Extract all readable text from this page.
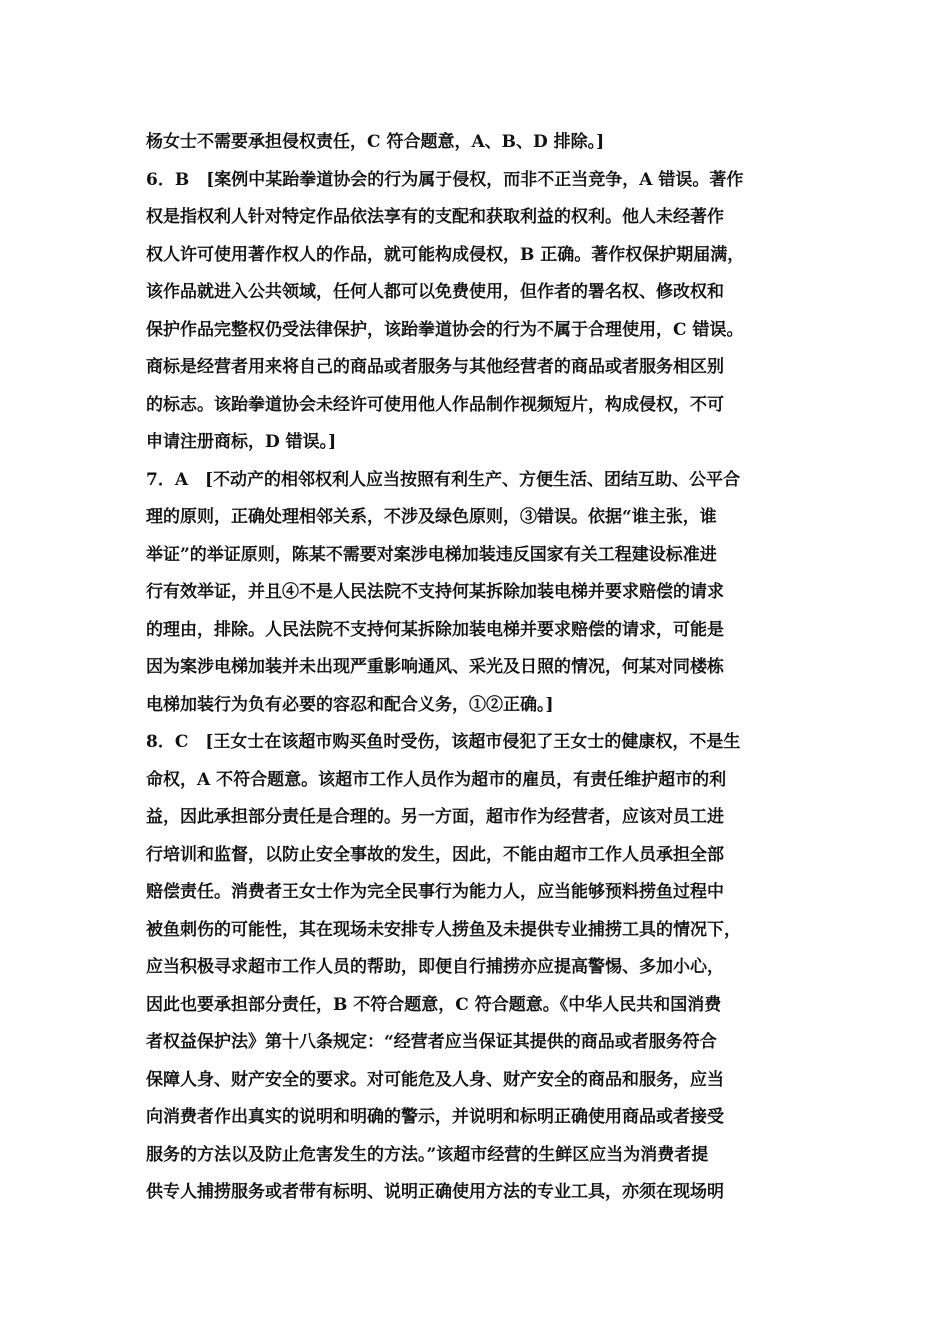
杨女士不需要承担侵权责任，C 符合题意，A、B、D 排除。]
6．B　[案例中某跆拳道协会的行为属于侵权，而非不正当竞争，A 错误。著作
权是指权利人针对特定作品依法享有的支配和获取利益的权利。他人未经著作
权人许可使用著作权人的作品，就可能构成侵权，B 正确。著作权保护期届满，
该作品就进入公共领域，任何人都可以免费使用，但作者的署名权、修改权和
保护作品完整权仍受法律保护，该跆拳道协会的行为不属于合理使用，C 错误。
商标是经营者用来将自己的商品或者服务与其他经营者的商品或者服务相区别
的标志。该跆拳道协会未经许可使用他人作品制作视频短片，构成侵权，不可
申请注册商标，D 错误。]
7．A　[不动产的相邻权利人应当按照有利生产、方便生活、团结互助、公平合
理的原则，正确处理相邻关系，不涉及绿色原则，③错误。依据“谁主张，谁
举证”的举证原则，陈某不需要对案涉电梯加装违反国家有关工程建设标准进
行有效举证，并且④不是人民法院不支持何某拆除加装电梯并要求赔偿的请求
的理由，排除。人民法院不支持何某拆除加装电梯并要求赔偿的请求，可能是
因为案涉电梯加装并未出现严重影响通风、采光及日照的情况，何某对同楼栋
电梯加装行为负有必要的容忍和配合义务，①②正确。]
8．C　[王女士在该超市购买鱼时受伤，该超市侵犯了王女士的健康权，不是生
命权，A 不符合题意。该超市工作人员作为超市的雇员，有责任维护超市的利
益，因此承担部分责任是合理的。另一方面，超市作为经营者，应该对员工进
行培训和监督，以防止安全事故的发生，因此，不能由超市工作人员承担全部
赔偿责任。消费者王女士作为完全民事行为能力人，应当能够预料捞鱼过程中
被鱼刺伤的可能性，其在现场未安排专人捞鱼及未提供专业捕捞工具的情况下，
应当积极寻求超市工作人员的帮助，即便自行捕捞亦应提高警惕、多加小心，
因此也要承担部分责任，B 不符合题意，C 符合题意。《中华人民共和国消费
者权益保护法》第十八条规定：“经营者应当保证其提供的商品或者服务符合
保障人身、财产安全的要求。对可能危及人身、财产安全的商品和服务，应当
向消费者作出真实的说明和明确的警示，并说明和标明正确使用商品或者接受
服务的方法以及防止危害发生的方法。”该超市经营的生鲜区应当为消费者提
供专人捕捞服务或者带有标明、说明正确使用方法的专业工具，亦须在现场明
